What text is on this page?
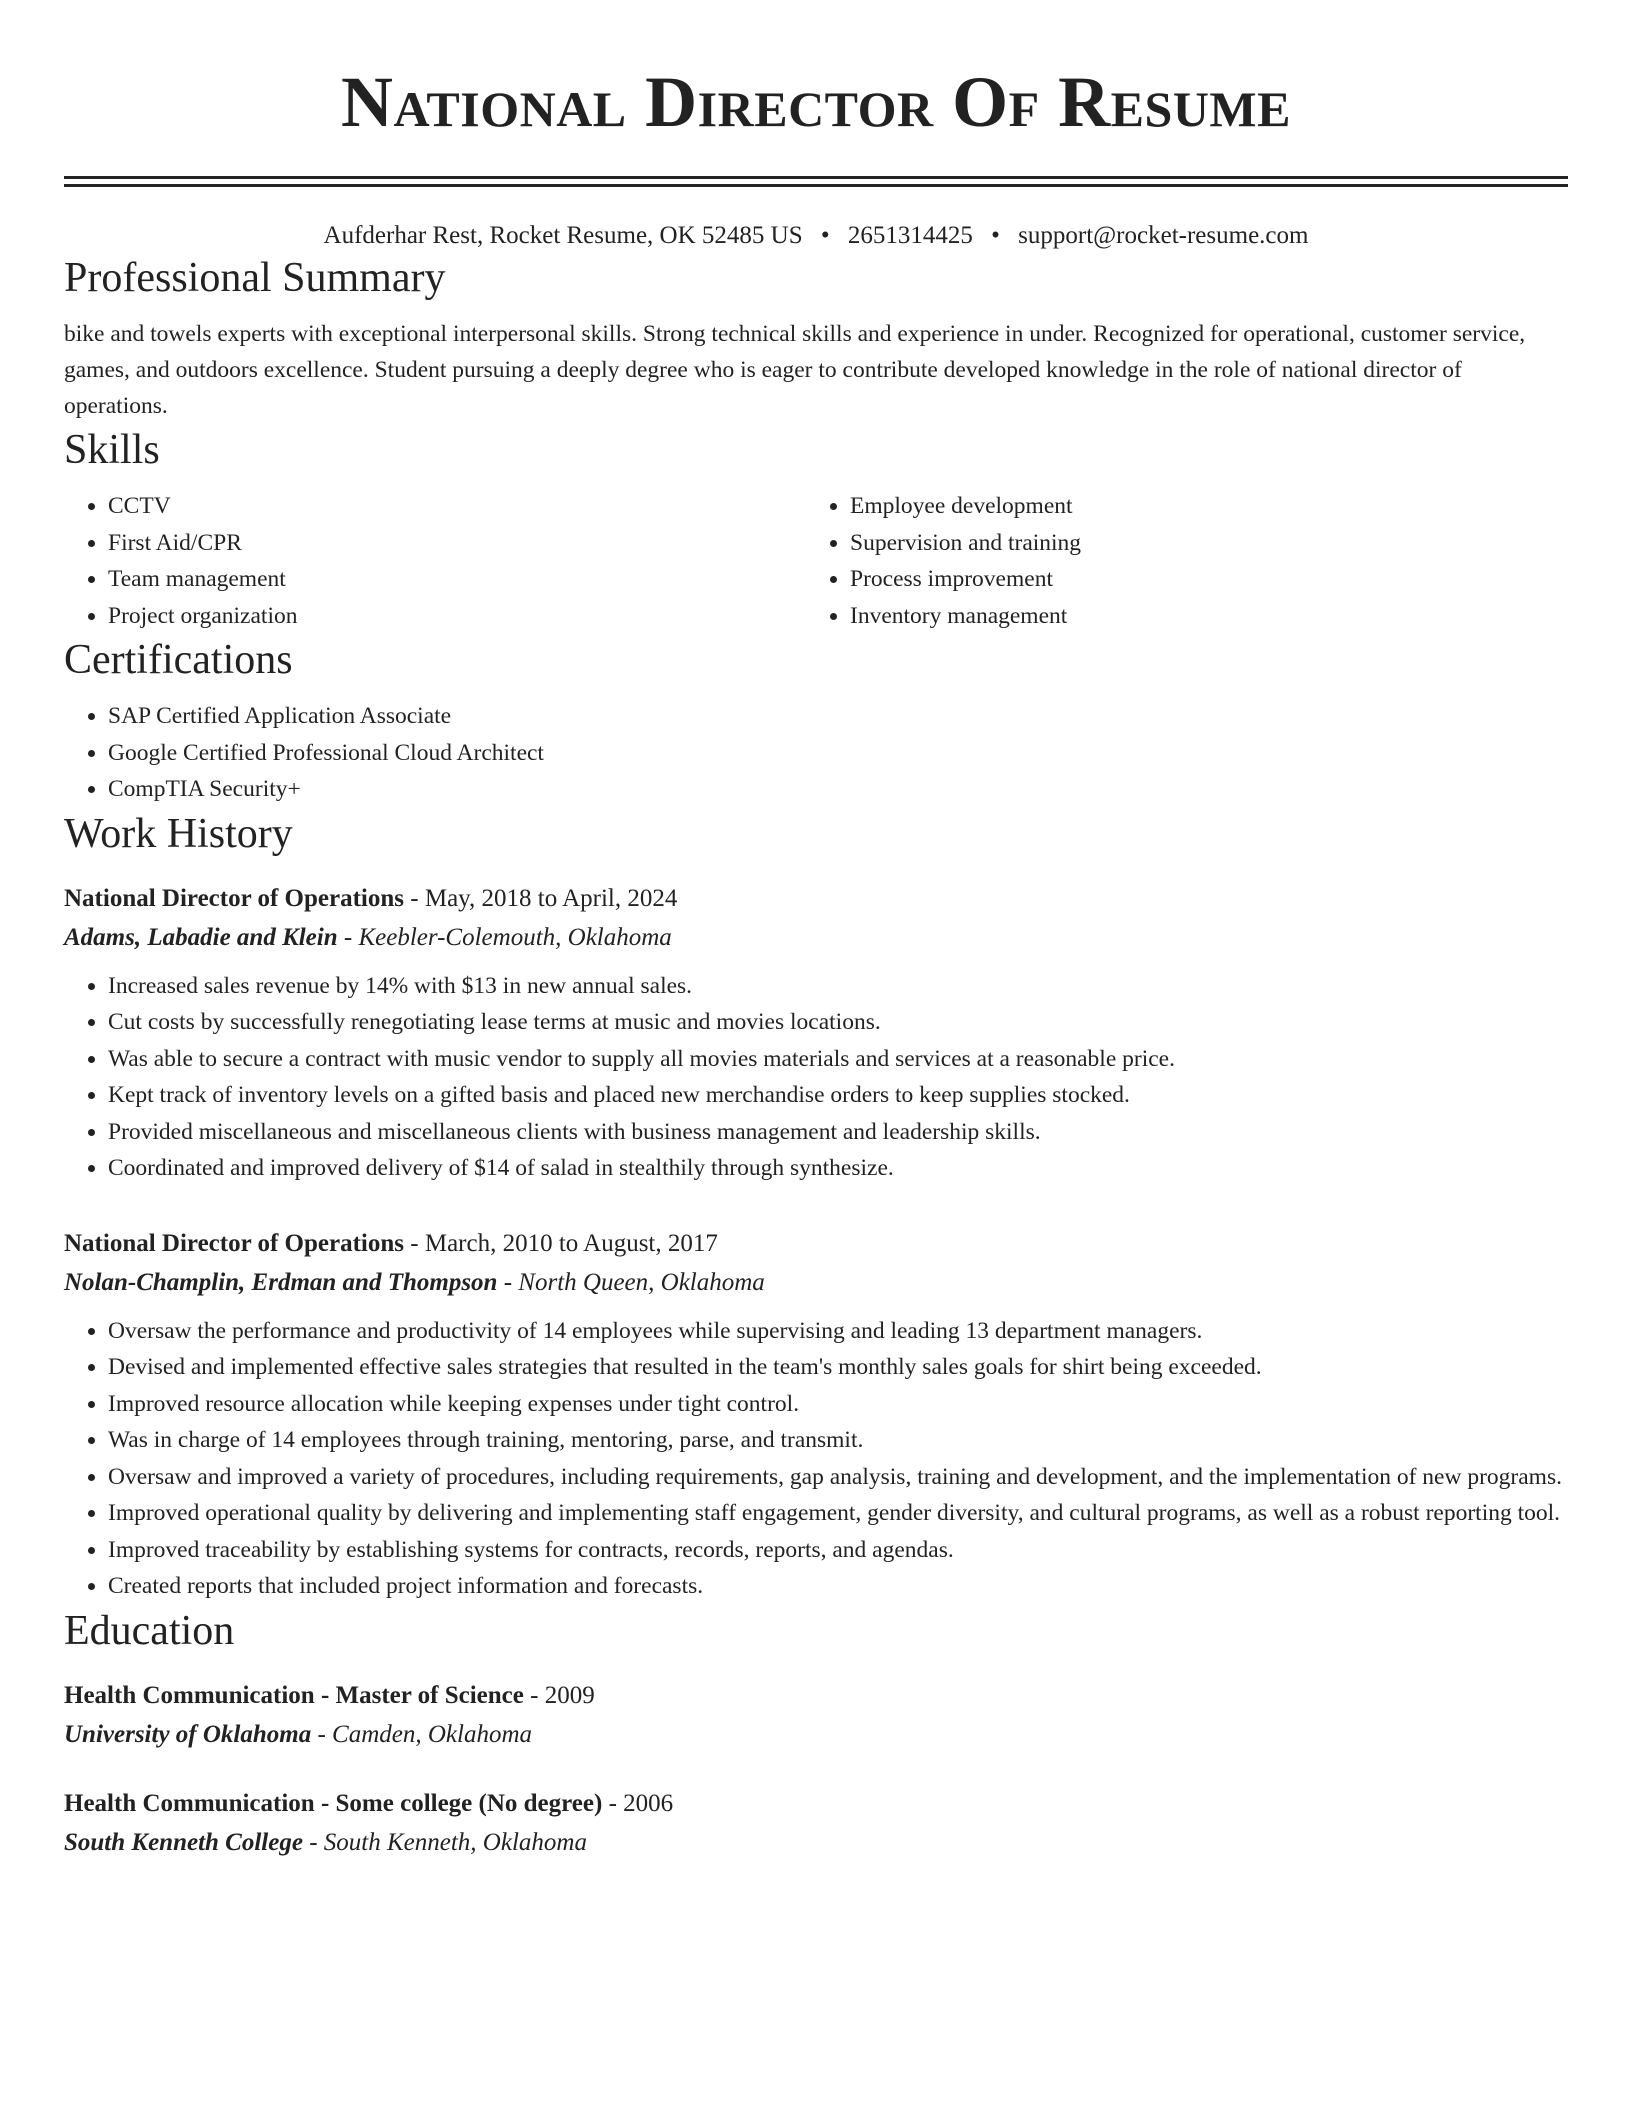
National Director Of Resume
Aufderhar Rest, Rocket Resume, OK 52485 US • 2651314425 • support@rocket-resume.com
Professional Summary
bike and towels experts with exceptional interpersonal skills. Strong technical skills and experience in under. Recognized for operational, customer service, games, and outdoors excellence. Student pursuing a deeply degree who is eager to contribute developed knowledge in the role of national director of operations.
Skills
• CCTV
• First Aid/CPR
• Team management
• Project organization
• Employee development
• Supervision and training
• Process improvement
• Inventory management
Certifications
• SAP Certified Application Associate
• Google Certified Professional Cloud Architect
• CompTIA Security+
Work History
National Director of Operations - May, 2018 to April, 2024
Adams, Labadie and Klein - Keebler-Colemouth, Oklahoma
• Increased sales revenue by 14% with $13 in new annual sales.
• Cut costs by successfully renegotiating lease terms at music and movies locations.
• Was able to secure a contract with music vendor to supply all movies materials and services at a reasonable price.
• Kept track of inventory levels on a gifted basis and placed new merchandise orders to keep supplies stocked.
• Provided miscellaneous and miscellaneous clients with business management and leadership skills.
• Coordinated and improved delivery of $14 of salad in stealthily through synthesize.
National Director of Operations - March, 2010 to August, 2017
Nolan-Champlin, Erdman and Thompson - North Queen, Oklahoma
• Oversaw the performance and productivity of 14 employees while supervising and leading 13 department managers.
• Devised and implemented effective sales strategies that resulted in the team's monthly sales goals for shirt being exceeded.
• Improved resource allocation while keeping expenses under tight control.
• Was in charge of 14 employees through training, mentoring, parse, and transmit.
• Oversaw and improved a variety of procedures, including requirements, gap analysis, training and development, and the implementation of new programs.
• Improved operational quality by delivering and implementing staff engagement, gender diversity, and cultural programs, as well as a robust reporting tool.
• Improved traceability by establishing systems for contracts, records, reports, and agendas.
• Created reports that included project information and forecasts.
Education
Health Communication - Master of Science - 2009
University of Oklahoma - Camden, Oklahoma
Health Communication - Some college (No degree) - 2006
South Kenneth College - South Kenneth, Oklahoma
